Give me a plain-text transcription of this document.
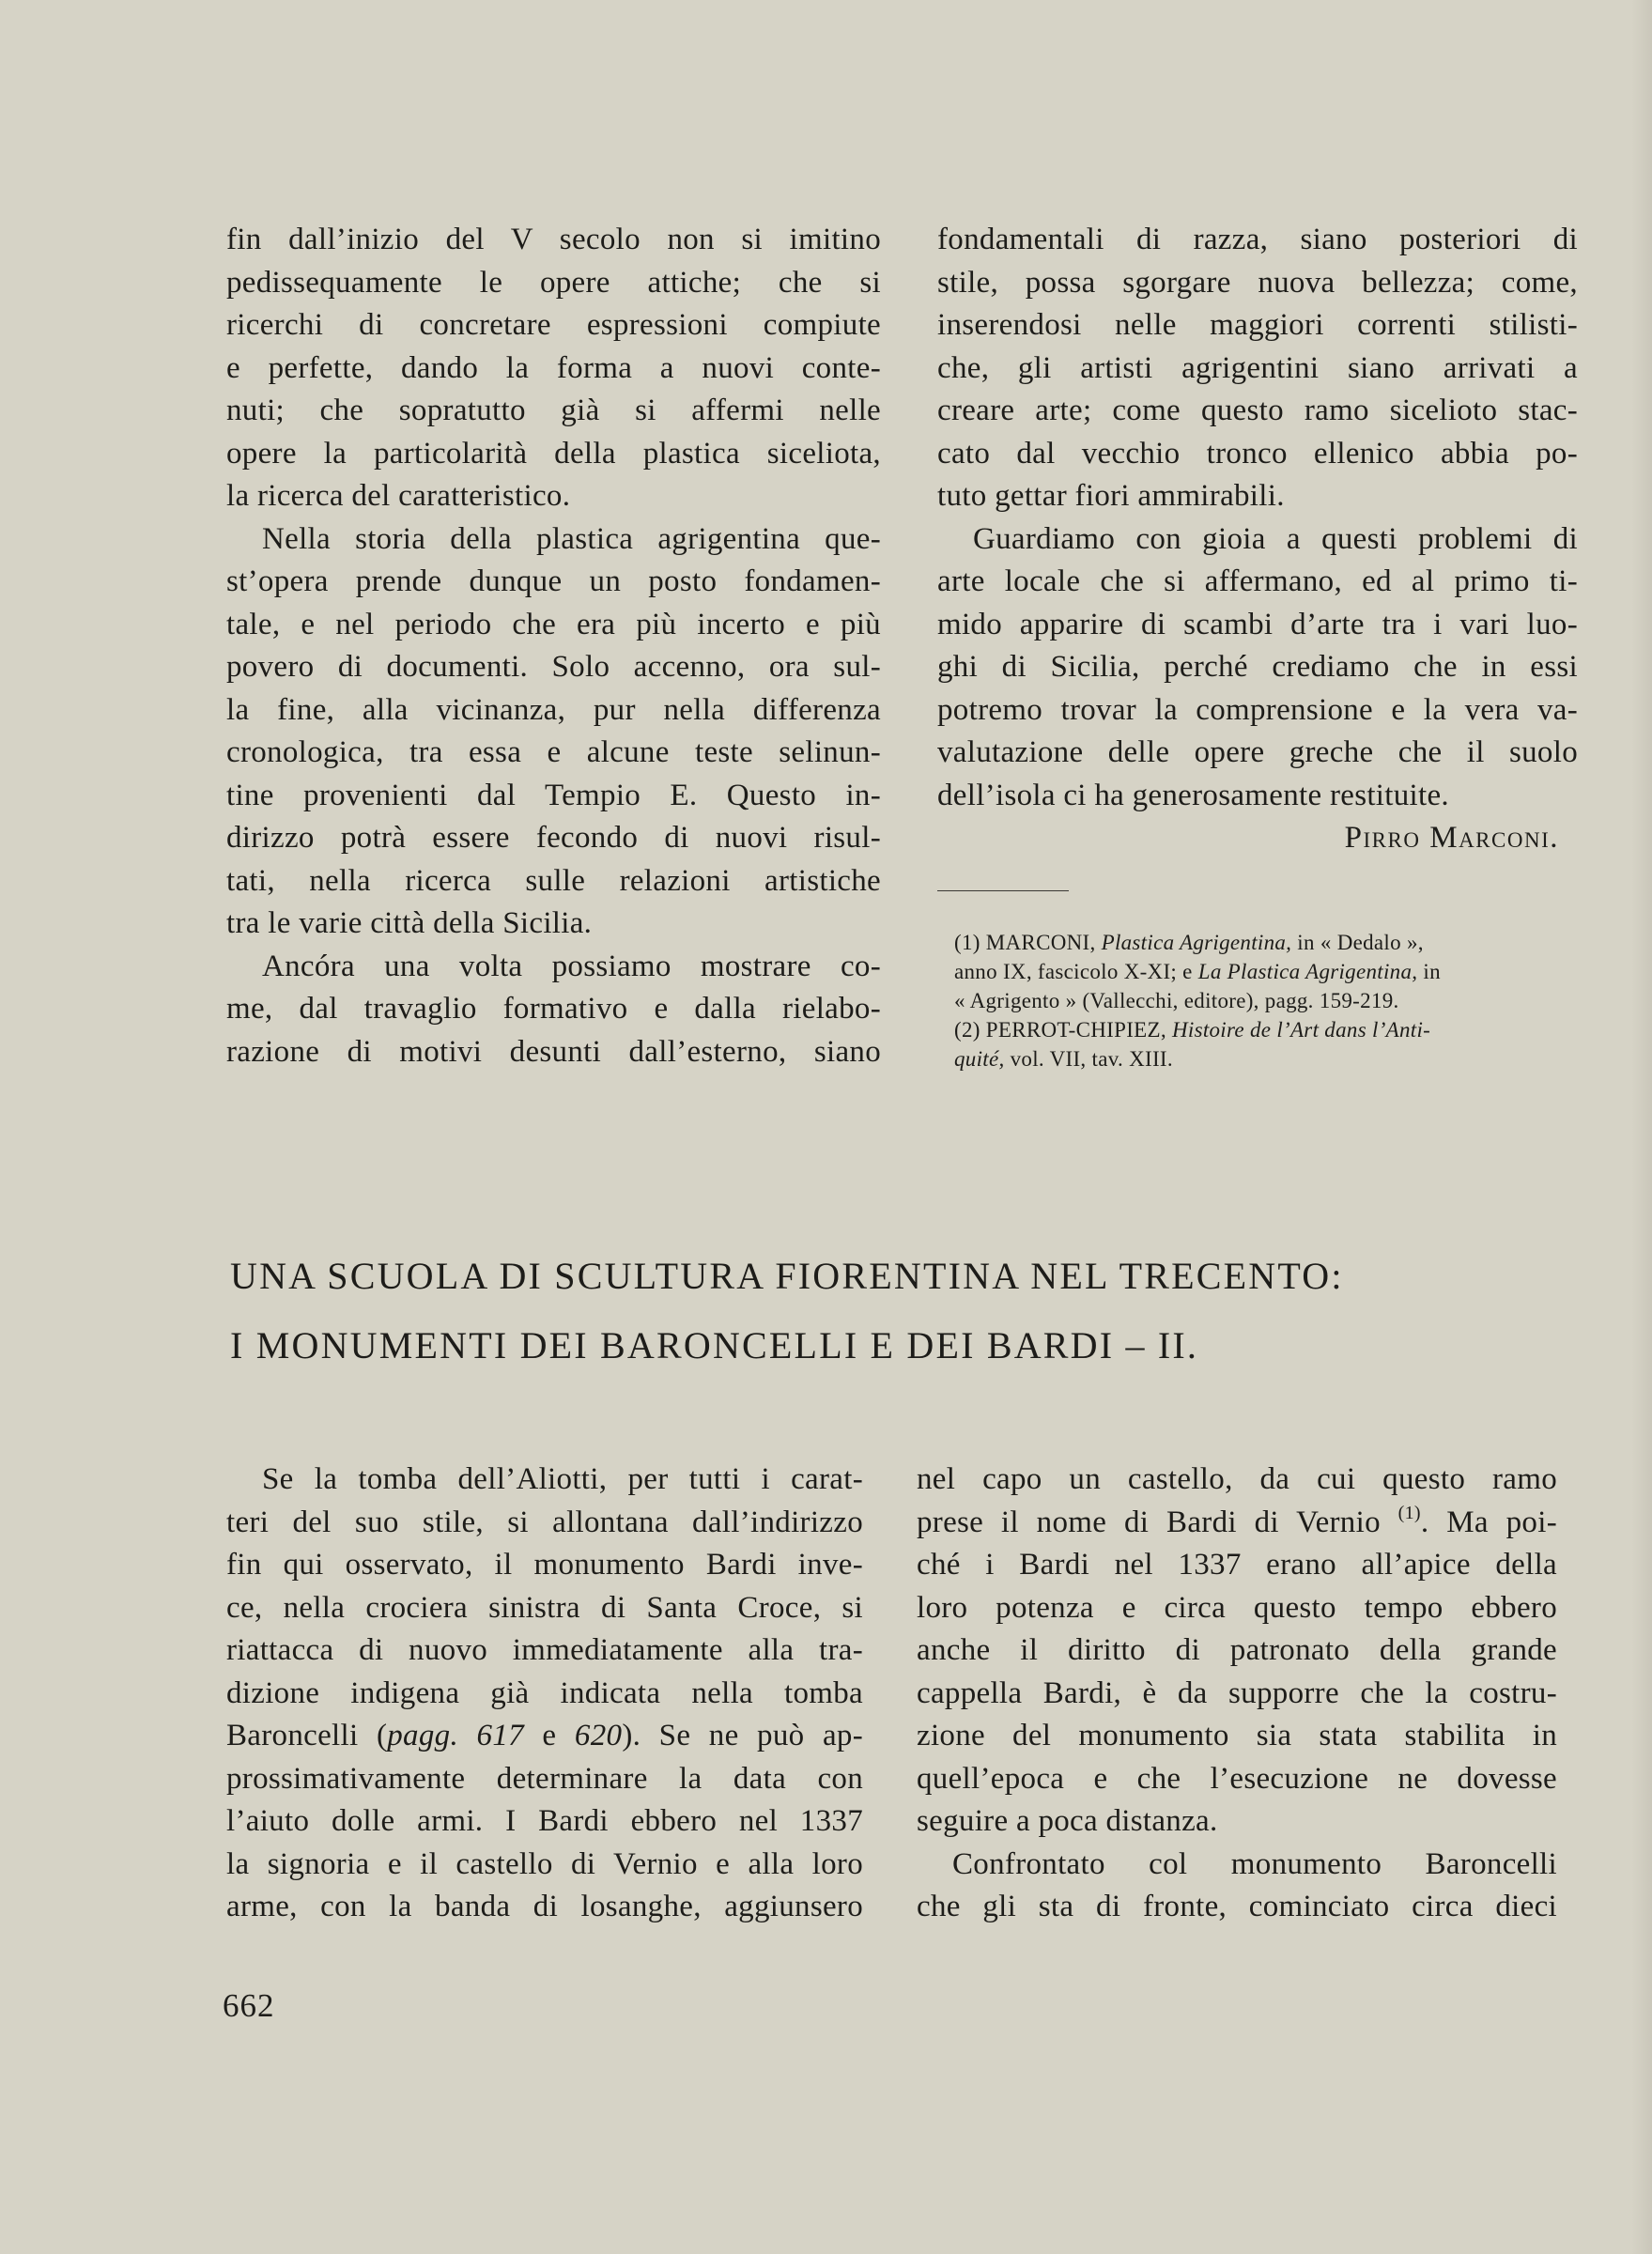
fin dall’inizio del V secolo non si imitino
pedissequamente le opere attiche; che si
ricerchi di concretare espressioni compiute
e perfette, dando la forma a nuovi conte-
nuti; che sopratutto già si affermi nelle
opere la particolarità della plastica siceliota,
la ricerca del caratteristico.
Nella storia della plastica agrigentina que-
st’opera prende dunque un posto fondamen-
tale, e nel periodo che era più incerto e più
povero di documenti. Solo accenno, ora sul-
la fine, alla vicinanza, pur nella differenza
cronologica, tra essa e alcune teste selinun-
tine provenienti dal Tempio E. Questo in-
dirizzo potrà essere fecondo di nuovi risul-
tati, nella ricerca sulle relazioni artistiche
tra le varie città della Sicilia.
Ancóra una volta possiamo mostrare co-
me, dal travaglio formativo e dalla rielabo-
razione di motivi desunti dall’esterno, siano
fondamentali di razza, siano posteriori di
stile, possa sgorgare nuova bellezza; come,
inserendosi nelle maggiori correnti stilisti-
che, gli artisti agrigentini siano arrivati a
creare arte; come questo ramo sicelioto stac-
cato dal vecchio tronco ellenico abbia po-
tuto gettar fiori ammirabili.
Guardiamo con gioia a questi problemi di
arte locale che si affermano, ed al primo ti-
mido apparire di scambi d’arte tra i vari luo-
ghi di Sicilia, perché crediamo che in essi
potremo trovar la comprensione e la vera va-
valutazione delle opere greche che il suolo
dell’isola ci ha generosamente restituite.
Pirro Marconi.
(1) MARCONI, Plastica Agrigentina, in « Dedalo »,
anno IX, fascicolo X-XI; e La Plastica Agrigentina, in
« Agrigento » (Vallecchi, editore), pagg. 159-219.
(2) PERROT-CHIPIEZ, Histoire de l’Art dans l’Anti-
quité, vol. VII, tav. XIII.
UNA SCUOLA DI SCULTURA FIORENTINA NEL TRECENTO:
I MONUMENTI DEI BARONCELLI E DEI BARDI – II.
Se la tomba dell’Aliotti, per tutti i carat-
teri del suo stile, si allontana dall’indirizzo
fin qui osservato, il monumento Bardi inve-
ce, nella crociera sinistra di Santa Croce, si
riattacca di nuovo immediatamente alla tra-
dizione indigena già indicata nella tomba
Baroncelli (pagg. 617 e 620). Se ne può ap-
prossimativamente determinare la data con
l’aiuto dolle armi. I Bardi ebbero nel 1337
la signoria e il castello di Vernio e alla loro
arme, con la banda di losanghe, aggiunsero
nel capo un castello, da cui questo ramo
prese il nome di Bardi di Vernio $^{(1)}$. Ma poi-
ché i Bardi nel 1337 erano all’apice della
loro potenza e circa questo tempo ebbero
anche il diritto di patronato della grande
cappella Bardi, è da supporre che la costru-
zione del monumento sia stata stabilita in
quell’epoca e che l’esecuzione ne dovesse
seguire a poca distanza.
Confrontato col monumento Baroncelli
che gli sta di fronte, cominciato circa dieci
662
